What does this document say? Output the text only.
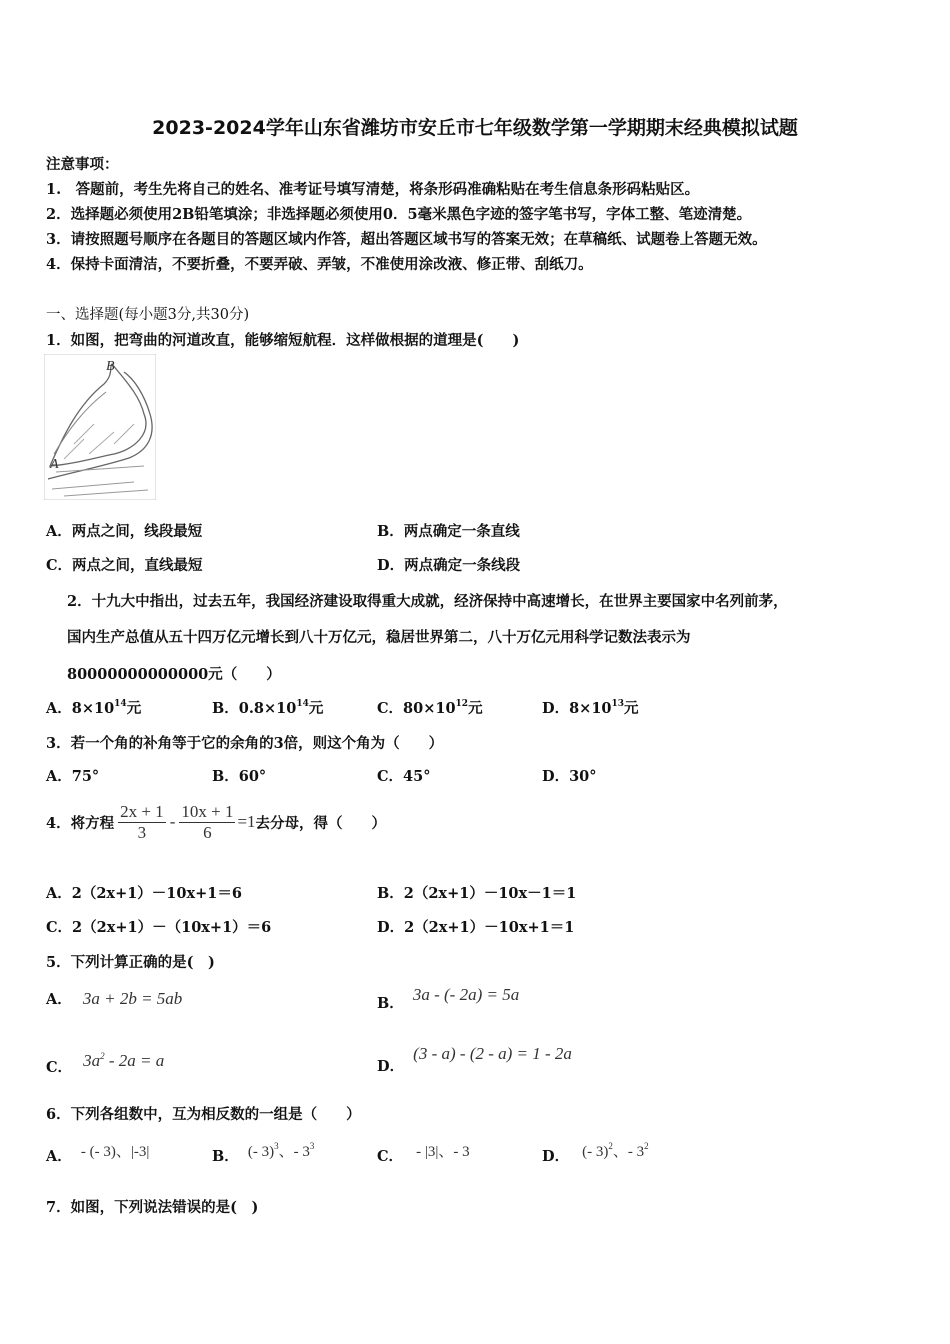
2023-2024学年山东省潍坊市安丘市七年级数学第一学期期末经典模拟试题
注意事项：
1.　答题前，考生先将自己的姓名、准考证号填写清楚，将条形码准确粘贴在考生信息条形码粘贴区。
2．选择题必须使用2B铅笔填涂；非选择题必须使用0．5毫米黑色字迹的签字笔书写，字体工整、笔迹清楚。
3．请按照题号顺序在各题目的答题区域内作答，超出答题区域书写的答案无效；在草稿纸、试题卷上答题无效。
4．保持卡面清洁，不要折叠，不要弄破、弄皱，不准使用涂改液、修正带、刮纸刀。
一、选择题(每小题3分,共30分)
1．如图，把弯曲的河道改直，能够缩短航程．这样做根据的道理是(　　)
B
A
A．两点之间，线段最短	B．两点确定一条直线
C．两点之间，直线最短	D．两点确定一条线段
2．十九大中指出，过去五年，我国经济建设取得重大成就，经济保持中高速增长，在世界主要国家中名列前茅，
国内生产总值从五十四万亿元增长到八十万亿元，稳居世界第二，八十万亿元用科学记数法表示为
80000000000000元（　　）
A．$8\times 10^{14}$元	B．$0.8\times 10^{14}$元	C．$80\times 10^{12}$元	D．$8\times 10^{13}$元
3．若一个角的补角等于它的余角的3倍，则这个角为（　　）
A．75°	B．60°	C．45°	D．30°
4．将方程 $\frac{2x + 1}{3} - \frac{10x + 1}{6} =1$ 去分母，得（　　）
A．2（2x+1）－10x+1＝6	B．2（2x+1）－10x－1＝1
C．2（2x+1）－（10x+1）＝6	D．2（2x+1）－10x+1＝1
5．下列计算正确的是(　)
A． 3a + 2b = 5ab	B． 3a - (- 2a) = 5a
C． $3a^2 - 2a = a$	D． (3 - a) - (2 - a) = 1 - 2a
6．下列各组数中，互为相反数的一组是（　　）
A． - (- 3)、|-3|	B． (- 3)$^3$、- $3^3$
C． - |3|、- 3	D． (- 3)$^2$、- $3^2$
7．如图，下列说法错误的是(　)
